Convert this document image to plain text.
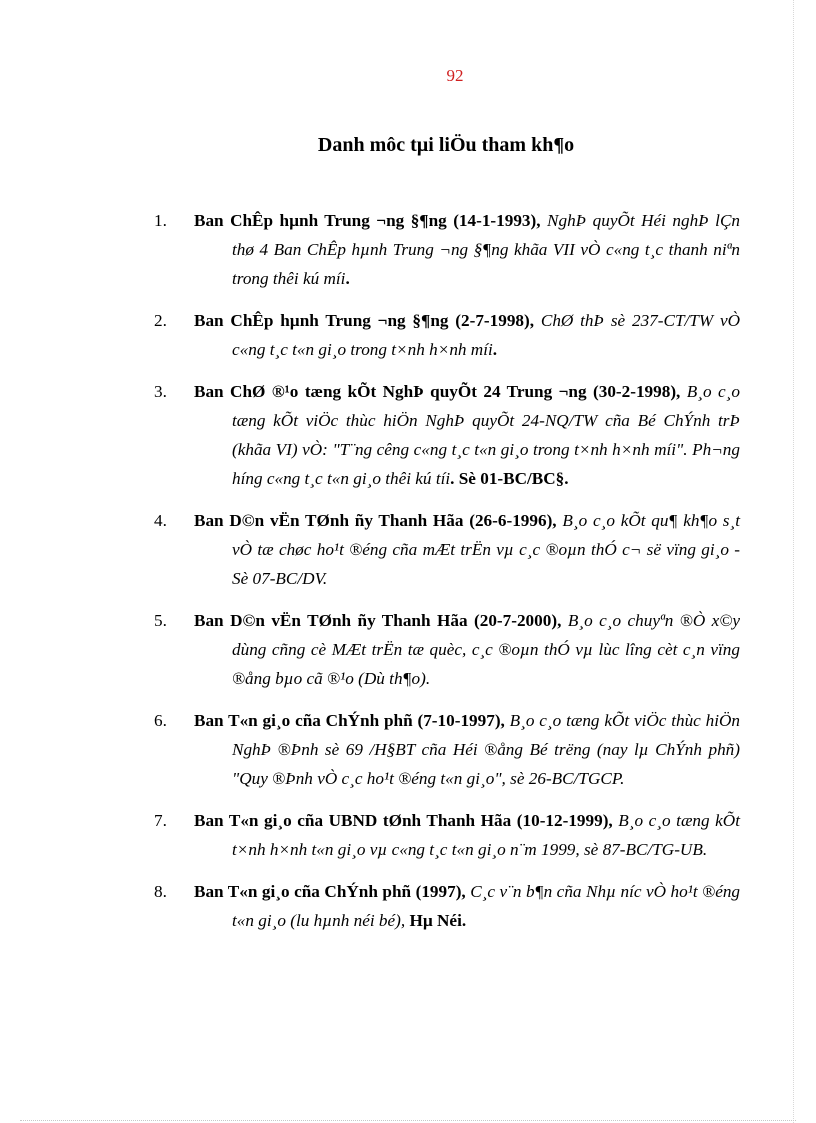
92

Danh môc tµi liÖu tham kh¶o
1. Ban ChÊp hµnh Trung ¬ng §¶ng (14-1-1993), NghÞ quyÕt Héi nghÞ lÇn thø 4 Ban ChÊp hµnh Trung ¬ng §¶ng khãa VII vÒ c«ng t¸c thanh niªn trong thêi kú míi.
2. Ban ChÊp hµnh Trung ¬ng §¶ng (2-7-1998), ChØ thÞ sè 237-CT/TW vÒ c«ng t¸c t«n gi¸o trong t×nh h×nh míi.
3. Ban ChØ ®¹o tæng kÕt NghÞ quyÕt 24 Trung ¬ng (30-2-1998), B¸o c¸o tæng kÕt viÖc thùc hiÖn NghÞ quyÕt 24-NQ/TW cña Bé ChÝnh trÞ (khãa VI) vÒ: "T¨ng cêng c«ng t¸c t«n gi¸o trong t×nh h×nh míi". Ph¬ng híng c«ng t¸c t«n gi¸o thêi kú tíi. Sè 01-BC/BC§.
4. Ban D©n vËn TØnh ñy Thanh Hãa (26-6-1996), B¸o c¸o kÕt qu¶ kh¶o s¸t vÒ tæ chøc ho¹t ®éng cña mÆt trËn vµ c¸c ®oµn thÓ c¬ së vïng gi¸o - Sè 07-BC/DV.
5. Ban D©n vËn TØnh ñy Thanh Hãa (20-7-2000), B¸o c¸o chuyªn ®Ò x©y dùng cñng cè MÆt trËn tæ quèc, c¸c ®oµn thÓ vµ lùc lîng cèt c¸n vïng ®ång bµo cã ®¹o (Dù th¶o).
6. Ban T«n gi¸o cña ChÝnh phñ (7-10-1997), B¸o c¸o tæng kÕt viÖc thùc hiÖn NghÞ ®Þnh sè 69 /H§BT cña Héi ®ång Bé trëng (nay lµ ChÝnh phñ) "Quy ®Þnh vÒ c¸c ho¹t ®éng t«n gi¸o", sè 26-BC/TGCP.
7. Ban T«n gi¸o cña UBND tØnh Thanh Hãa (10-12-1999), B¸o c¸o tæng kÕt t×nh h×nh t«n gi¸o vµ c«ng t¸c t«n gi¸o n¨m 1999, sè 87-BC/TG-UB.
8. Ban T«n gi¸o cña ChÝnh phñ (1997), C¸c v¨n b¶n cña Nhµ níc vÒ ho¹t ®éng t«n gi¸o (lu hµnh néi bé), Hµ Néi.
